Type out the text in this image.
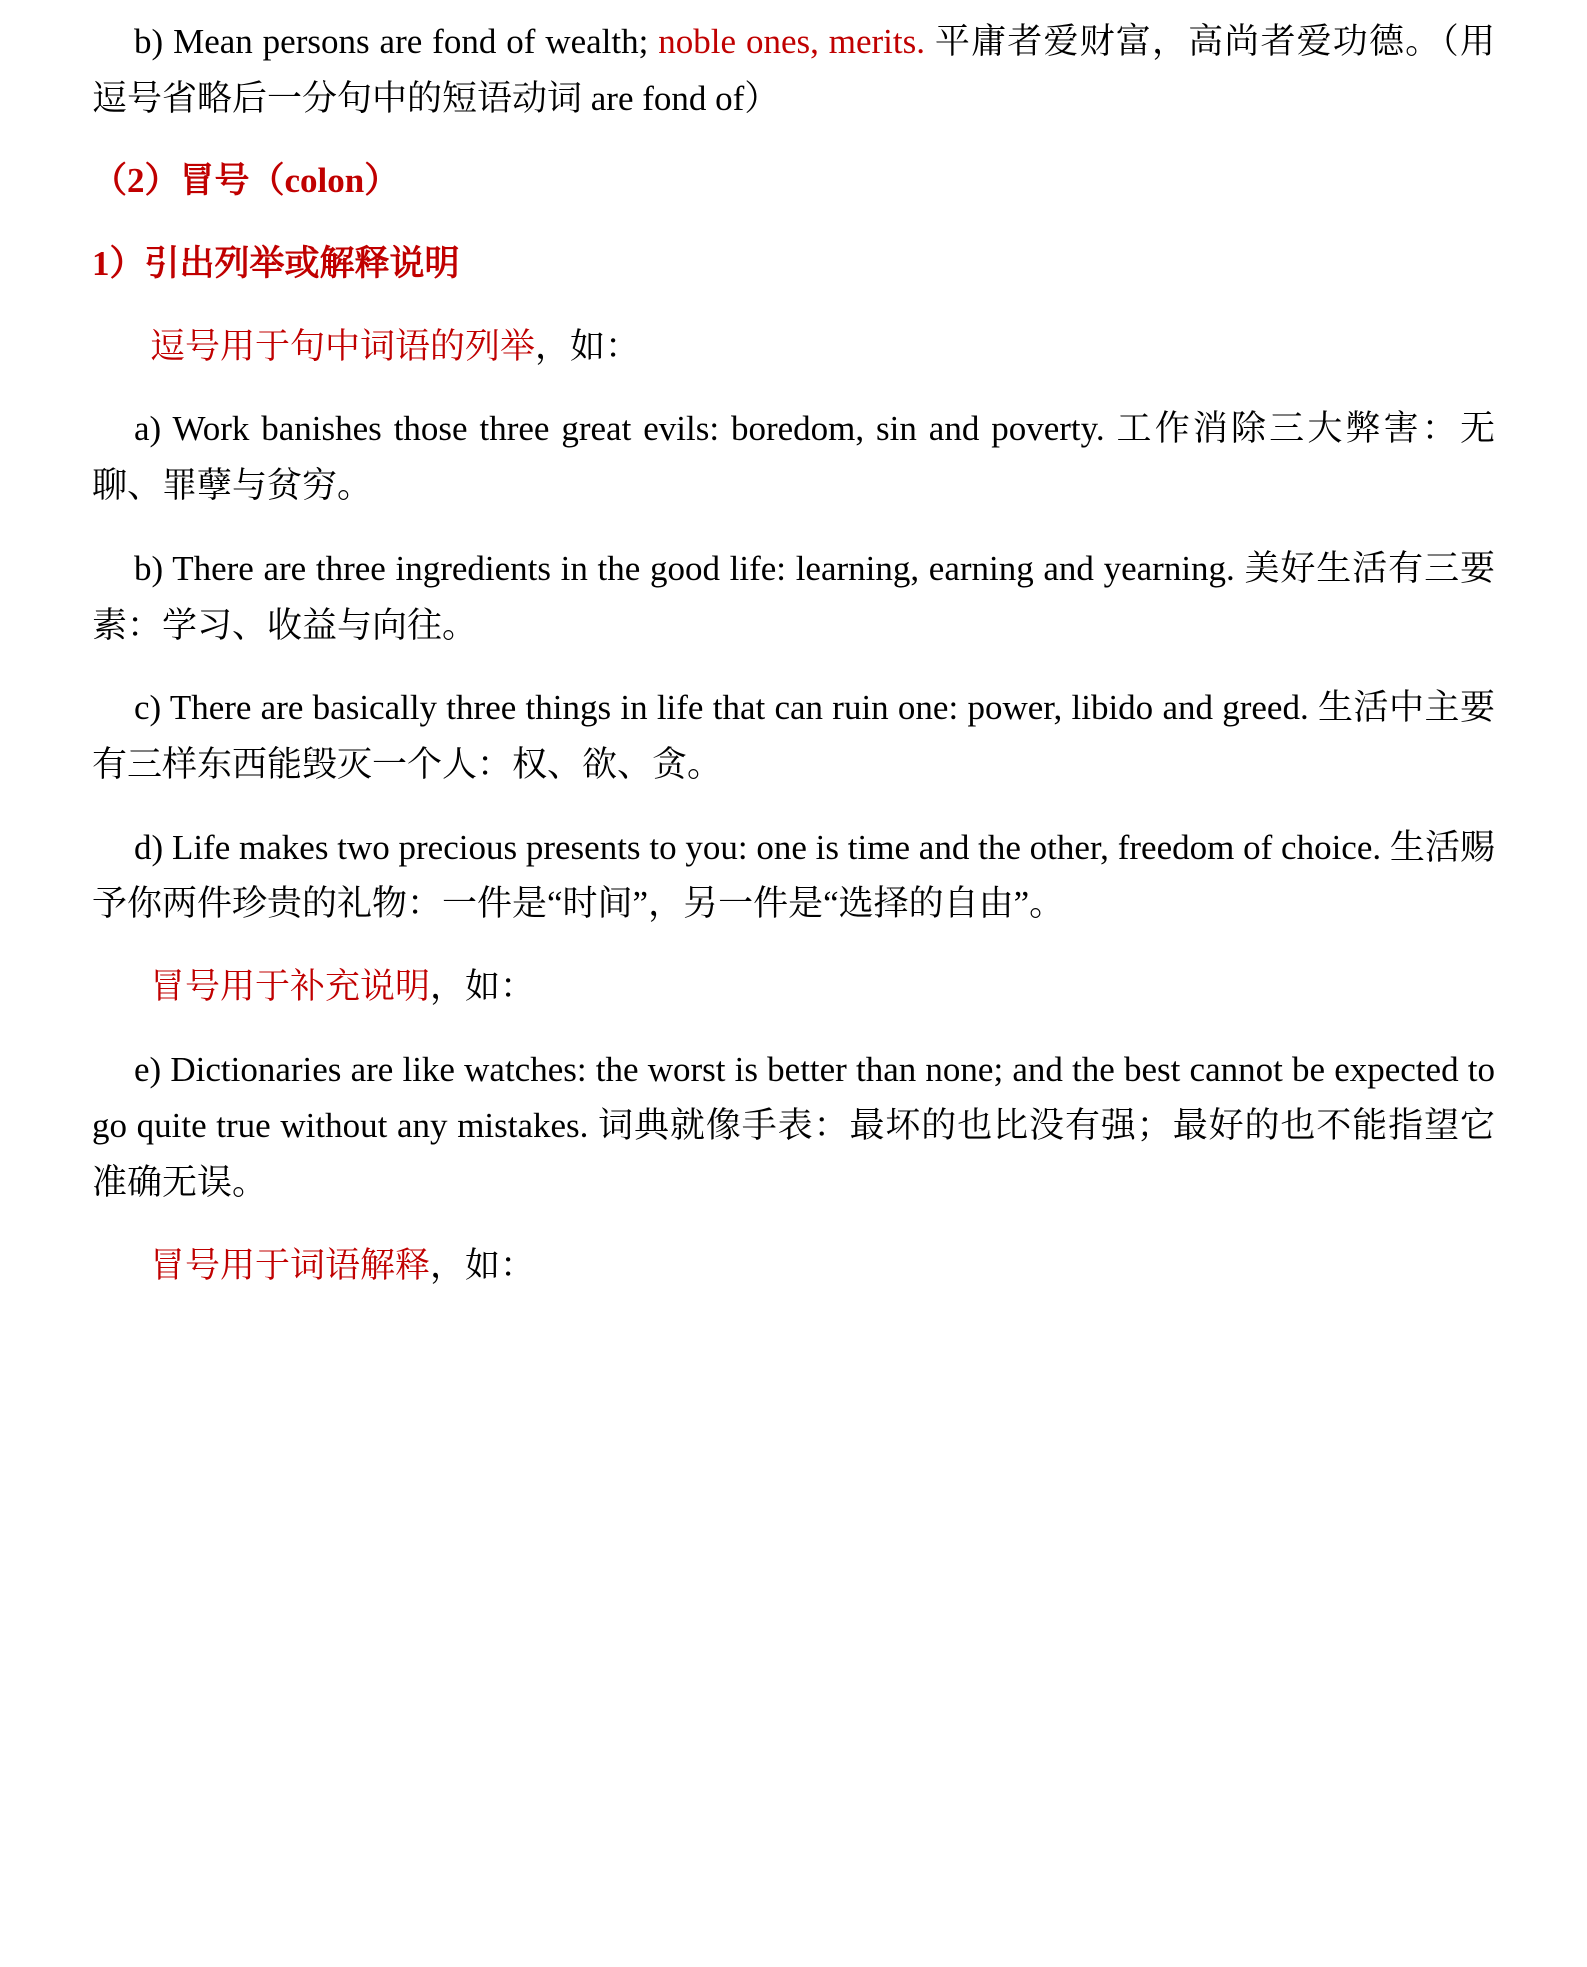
b) Mean persons are fond of wealth; noble ones, merits. 平庸者爱财富，高尚者爱功德。（用逗号省略后一分句中的短语动词 are fond of）

（2）冒号（colon）

1）引出列举或解释说明

逗号用于句中词语的列举，如：

a) Work banishes those three great evils: boredom, sin and poverty. 工作消除三大弊害：无聊、罪孽与贫穷。

b) There are three ingredients in the good life: learning, earning and yearning. 美好生活有三要素：学习、收益与向往。

c) There are basically three things in life that can ruin one: power, libido and greed. 生活中主要有三样东西能毁灭一个人：权、欲、贪。

d) Life makes two precious presents to you: one is time and the other, freedom of choice. 生活赐予你两件珍贵的礼物：一件是“时间”，另一件是“选择的自由”。

冒号用于补充说明，如：

e) Dictionaries are like watches: the worst is better than none; and the best cannot be expected to go quite true without any mistakes. 词典就像手表：最坏的也比没有强；最好的也不能指望它准确无误。

冒号用于词语解释，如：
